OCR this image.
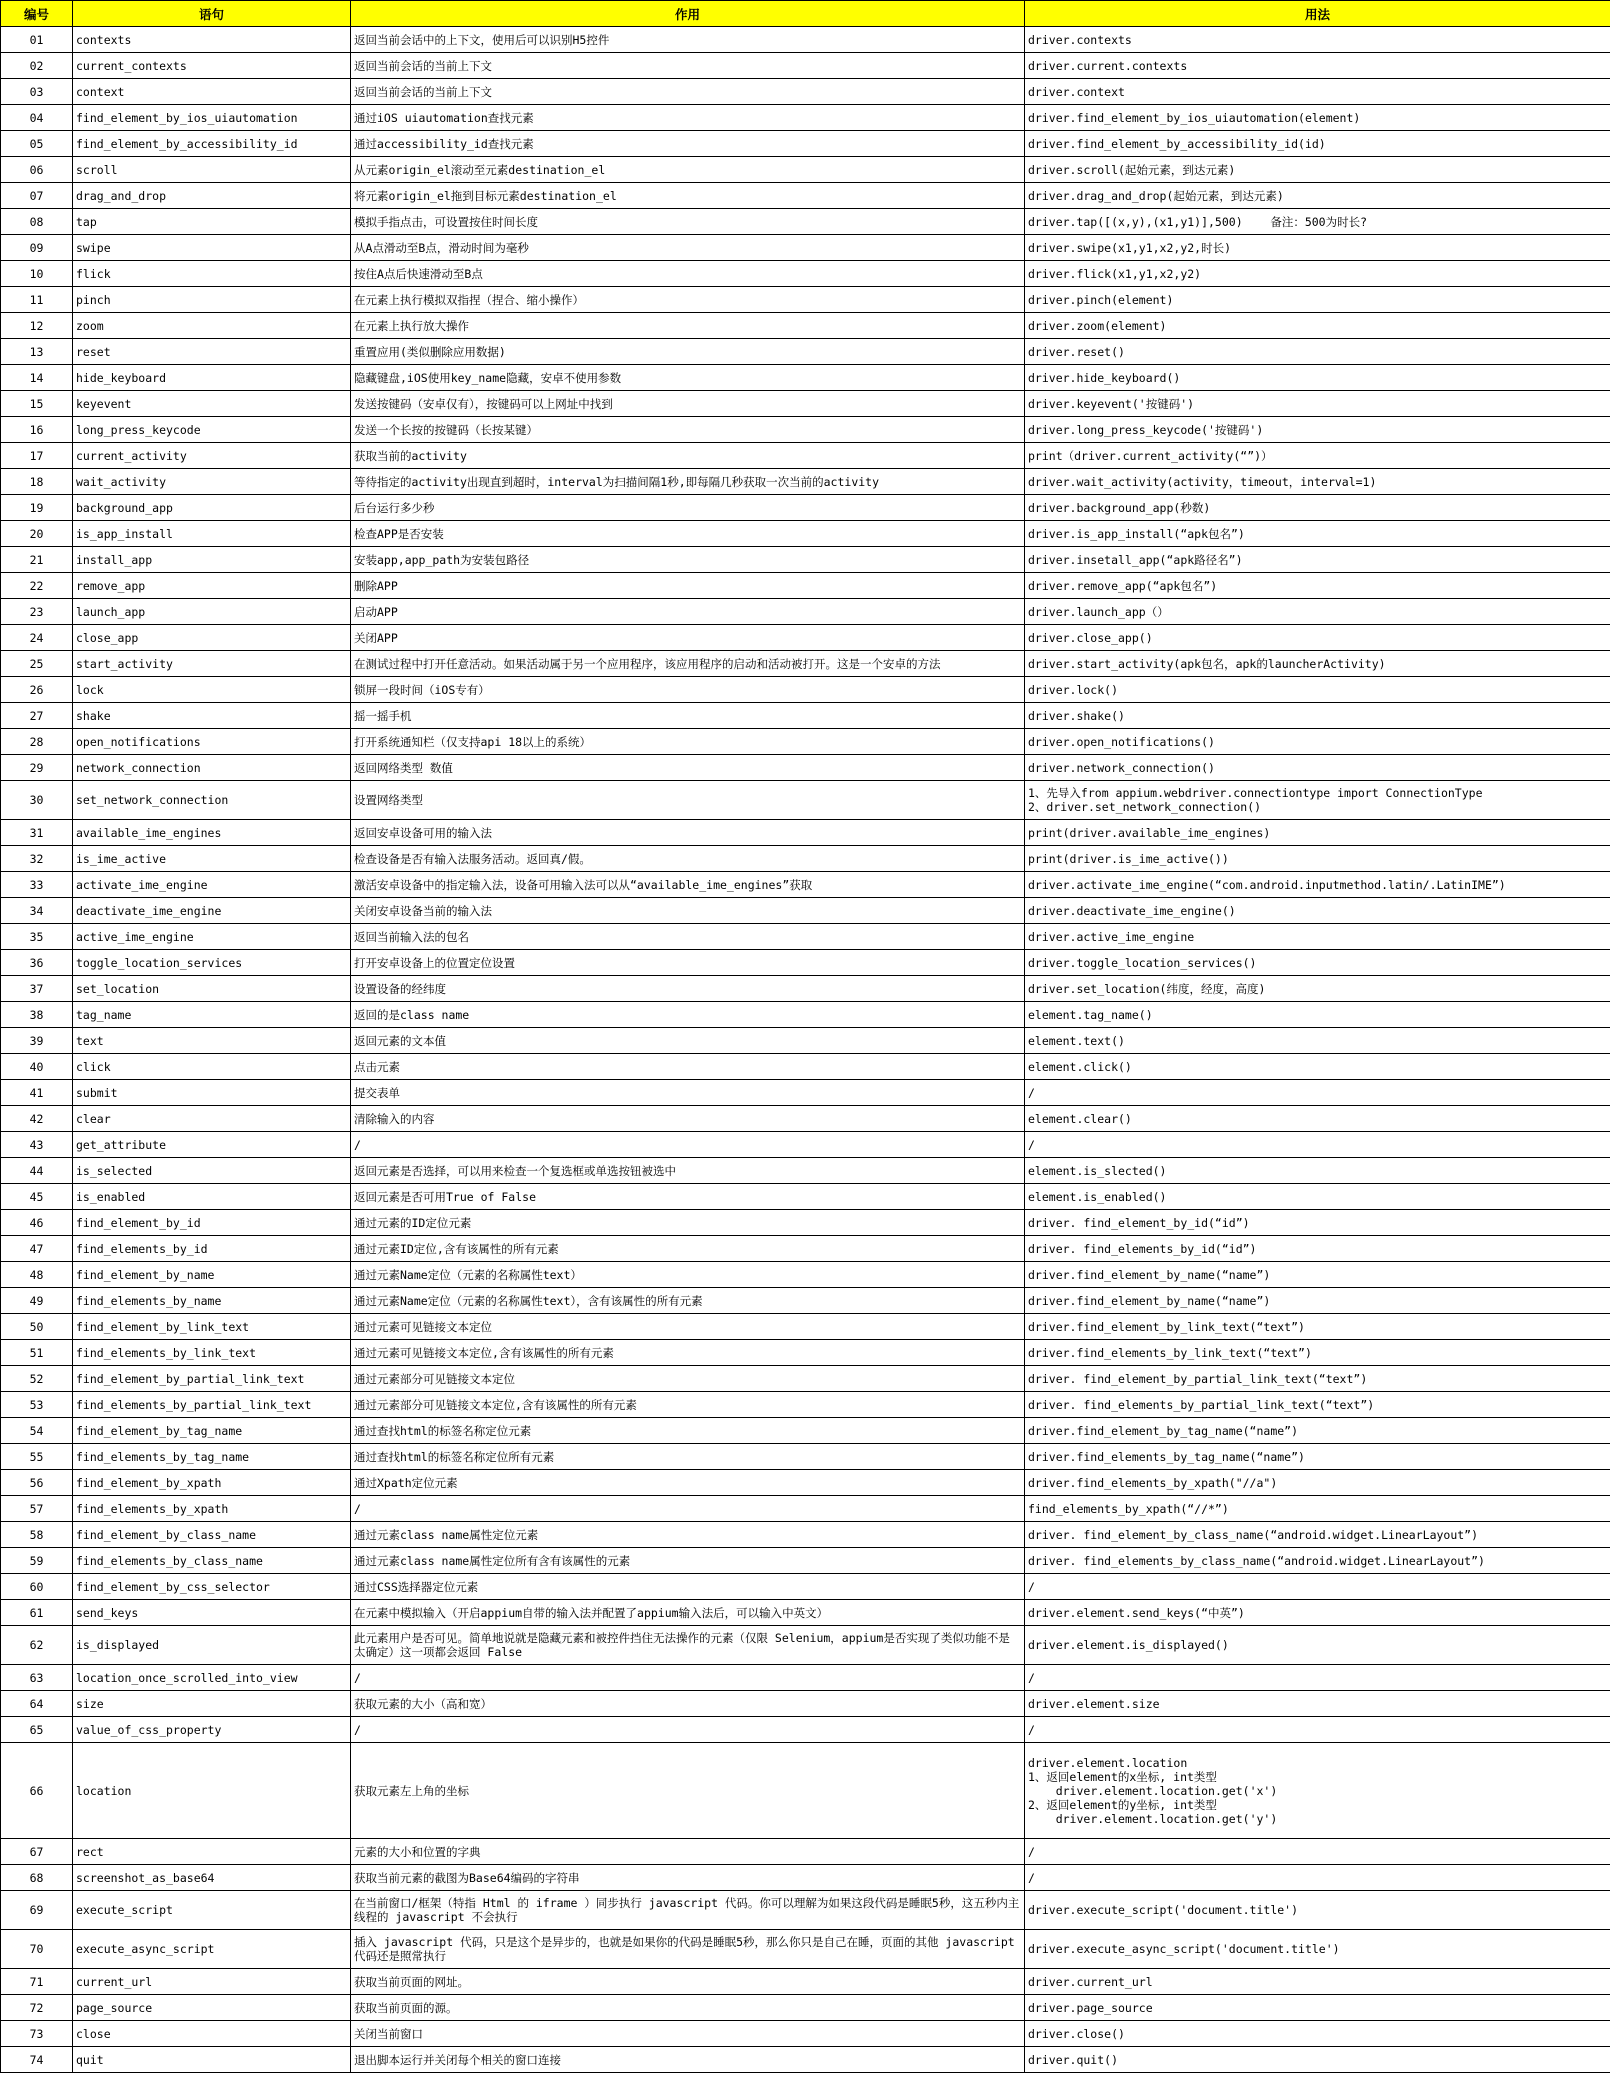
编号	语句	作用	用法
01	contexts	返回当前会话中的上下文，使用后可以识别H5控件	driver.contexts
02	current_contexts	返回当前会话的当前上下文	driver.current.contexts
03	context	返回当前会话的当前上下文	driver.context
04	find_element_by_ios_uiautomation	通过iOS uiautomation查找元素	driver.find_element_by_ios_uiautomation(element)
05	find_element_by_accessibility_id	通过accessibility_id查找元素	driver.find_element_by_accessibility_id(id)
06	scroll	从元素origin_el滚动至元素destination_el	driver.scroll(起始元素，到达元素)
07	drag_and_drop	将元素origin_el拖到目标元素destination_el	driver.drag_and_drop(起始元素，到达元素)
08	tap	模拟手指点击，可设置按住时间长度	driver.tap([(x,y),(x1,y1)],500)    备注：500为时长?
09	swipe	从A点滑动至B点，滑动时间为毫秒	driver.swipe(x1,y1,x2,y2,时长)
10	flick	按住A点后快速滑动至B点	driver.flick(x1,y1,x2,y2)
11	pinch	在元素上执行模拟双指捏（捏合、缩小操作）	driver.pinch(element)
12	zoom	在元素上执行放大操作	driver.zoom(element)
13	reset	重置应用(类似删除应用数据)	driver.reset()
14	hide_keyboard	隐藏键盘,iOS使用key_name隐藏，安卓不使用参数	driver.hide_keyboard()
15	keyevent	发送按键码（安卓仅有），按键码可以上网址中找到	driver.keyevent('按键码')
16	long_press_keycode	发送一个长按的按键码（长按某键）	driver.long_press_keycode('按键码')
17	current_activity	获取当前的activity	print（driver.current_activity(“”)）
18	wait_activity	等待指定的activity出现直到超时，interval为扫描间隔1秒,即每隔几秒获取一次当前的activity	driver.wait_activity(activity，timeout，interval=1)
19	background_app	后台运行多少秒	driver.background_app(秒数)
20	is_app_install	检查APP是否安装	driver.is_app_install(“apk包名”)
21	install_app	安装app,app_path为安装包路径	driver.insetall_app(“apk路径名”)
22	remove_app	删除APP	driver.remove_app(“apk包名”)
23	launch_app	启动APP	driver.launch_app（）
24	close_app	关闭APP	driver.close_app()
25	start_activity	在测试过程中打开任意活动。如果活动属于另一个应用程序，该应用程序的启动和活动被打开。这是一个安卓的方法	driver.start_activity(apk包名，apk的launcherActivity)
26	lock	锁屏一段时间（iOS专有）	driver.lock()
27	shake	摇一摇手机	driver.shake()
28	open_notifications	打开系统通知栏（仅支持api 18以上的系统）	driver.open_notifications()
29	network_connection	返回网络类型 数值	driver.network_connection()
30	set_network_connection	设置网络类型	1、先导入from appium.webdriver.connectiontype import ConnectionType
2、driver.set_network_connection()
31	available_ime_engines	返回安卓设备可用的输入法	print(driver.available_ime_engines)
32	is_ime_active	检查设备是否有输入法服务活动。返回真/假。	print(driver.is_ime_active())
33	activate_ime_engine	激活安卓设备中的指定输入法，设备可用输入法可以从“available_ime_engines”获取	driver.activate_ime_engine(“com.android.inputmethod.latin/.LatinIME”)
34	deactivate_ime_engine	关闭安卓设备当前的输入法	driver.deactivate_ime_engine()
35	active_ime_engine	返回当前输入法的包名	driver.active_ime_engine
36	toggle_location_services	打开安卓设备上的位置定位设置	driver.toggle_location_services()
37	set_location	设置设备的经纬度	driver.set_location(纬度，经度，高度)
38	tag_name	返回的是class name	element.tag_name()
39	text	返回元素的文本值	element.text()
40	click	点击元素	element.click()
41	submit	提交表单	/
42	clear	清除输入的内容	element.clear()
43	get_attribute	/	/
44	is_selected	返回元素是否选择，可以用来检查一个复选框或单选按钮被选中	element.is_slected()
45	is_enabled	返回元素是否可用True of False	element.is_enabled()
46	find_element_by_id	通过元素的ID定位元素	driver. find_element_by_id(“id”)
47	find_elements_by_id	通过元素ID定位,含有该属性的所有元素	driver. find_elements_by_id(“id”)
48	find_element_by_name	通过元素Name定位（元素的名称属性text）	driver.find_element_by_name(“name”)
49	find_elements_by_name	通过元素Name定位（元素的名称属性text），含有该属性的所有元素	driver.find_element_by_name(“name”)
50	find_element_by_link_text	通过元素可见链接文本定位	driver.find_element_by_link_text(“text”)
51	find_elements_by_link_text	通过元素可见链接文本定位,含有该属性的所有元素	driver.find_elements_by_link_text(“text”)
52	find_element_by_partial_link_text	通过元素部分可见链接文本定位	driver. find_element_by_partial_link_text(“text”)
53	find_elements_by_partial_link_text	通过元素部分可见链接文本定位,含有该属性的所有元素	driver. find_elements_by_partial_link_text(“text”)
54	find_element_by_tag_name	通过查找html的标签名称定位元素	driver.find_element_by_tag_name(“name”)
55	find_elements_by_tag_name	通过查找html的标签名称定位所有元素	driver.find_elements_by_tag_name(“name”)
56	find_element_by_xpath	通过Xpath定位元素	driver.find_elements_by_xpath("//a")
57	find_elements_by_xpath	/	find_elements_by_xpath(“//*”)
58	find_element_by_class_name	通过元素class name属性定位元素	driver. find_element_by_class_name(“android.widget.LinearLayout”)
59	find_elements_by_class_name	通过元素class name属性定位所有含有该属性的元素	driver. find_elements_by_class_name(“android.widget.LinearLayout”)
60	find_element_by_css_selector	通过CSS选择器定位元素	/
61	send_keys	在元素中模拟输入（开启appium自带的输入法并配置了appium输入法后，可以输入中英文）	driver.element.send_keys(“中英”)
62	is_displayed	此元素用户是否可见。简单地说就是隐藏元素和被控件挡住无法操作的元素（仅限 Selenium，appium是否实现了类似功能不是太确定）这一项都会返回 False	driver.element.is_displayed()
63	location_once_scrolled_into_view	/	/
64	size	获取元素的大小（高和宽）	driver.element.size
65	value_of_css_property	/	/
66	location	获取元素左上角的坐标	driver.element.location
1、返回element的x坐标, int类型
driver.element.location.get('x')
2、返回element的y坐标, int类型
driver.element.location.get('y')
67	rect	元素的大小和位置的字典	/
68	screenshot_as_base64	获取当前元素的截图为Base64编码的字符串	/
69	execute_script	在当前窗口/框架（特指 Html 的 iframe ）同步执行 javascript 代码。你可以理解为如果这段代码是睡眠5秒，这五秒内主线程的 javascript 不会执行	driver.execute_script('document.title')
70	execute_async_script	插入 javascript 代码，只是这个是异步的，也就是如果你的代码是睡眠5秒，那么你只是自己在睡，页面的其他 javascript 代码还是照常执行	driver.execute_async_script('document.title')
71	current_url	获取当前页面的网址。	driver.current_url
72	page_source	获取当前页面的源。	driver.page_source
73	close	关闭当前窗口	driver.close()
74	quit	退出脚本运行并关闭每个相关的窗口连接	driver.quit()
